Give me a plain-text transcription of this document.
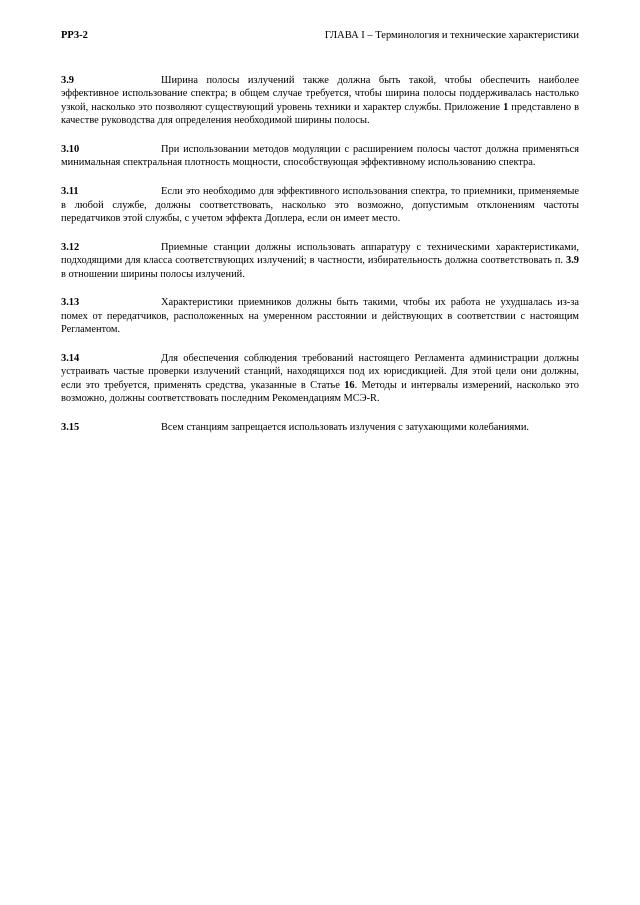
РР3-2	ГЛАВА I – Терминология и технические характеристики

3.9	Ширина полосы излучений также должна быть такой, чтобы обеспечить наиболее эффективное использование спектра; в общем случае требуется, чтобы ширина полосы поддерживалась настолько узкой, насколько это позволяют существующий уровень техники и характер службы. Приложение 1 представлено в качестве руководства для определения необходимой ширины полосы.

3.10	При использовании методов модуляции с расширением полосы частот должна применяться минимальная спектральная плотность мощности, способствующая эффективному использованию спектра.

3.11	Если это необходимо для эффективного использования спектра, то приемники, применяемые в любой службе, должны соответствовать, насколько это возможно, допустимым отклонениям частоты передатчиков этой службы, с учетом эффекта Доплера, если он имеет место.

3.12	Приемные станции должны использовать аппаратуру с техническими характеристиками, подходящими для класса соответствующих излучений; в частности, избирательность должна соответствовать п. 3.9 в отношении ширины полосы излучений.

3.13	Характеристики приемников должны быть такими, чтобы их работа не ухудшалась из-за помех от передатчиков, расположенных на умеренном расстоянии и действующих в соответствии с настоящим Регламентом.

3.14	Для обеспечения соблюдения требований настоящего Регламента администрации должны устраивать частые проверки излучений станций, находящихся под их юрисдикцией. Для этой цели они должны, если это требуется, применять средства, указанные в Статье 16. Методы и интервалы измерений, насколько это возможно, должны соответствовать последним Рекомендациям МСЭ-R.

3.15	Всем станциям запрещается использовать излучения с затухающими колебаниями.
